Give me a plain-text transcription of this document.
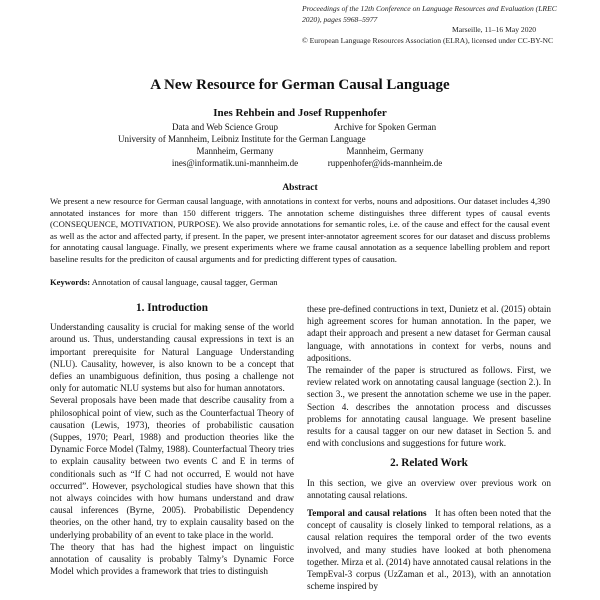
Proceedings of the 12th Conference on Language Resources and Evaluation (LREC 2020), pages 5968–5977
Marseille, 11–16 May 2020
© European Language Resources Association (ELRA), licensed under CC-BY-NC
A New Resource for German Causal Language
Ines Rehbein and Josef Ruppenhofer
Data and Web Science Group
University of Mannheim, Leibniz Institute for the German Language
Mannheim, Germany
ines@informatik.uni-mannheim.de
Archive for Spoken German
Mannheim, Germany
ruppenhofer@ids-mannheim.de
Abstract
We present a new resource for German causal language, with annotations in context for verbs, nouns and adpositions. Our dataset includes 4,390 annotated instances for more than 150 different triggers. The annotation scheme distinguishes three different types of causal events (CONSEQUENCE, MOTIVATION, PURPOSE). We also provide annotations for semantic roles, i.e. of the cause and effect for the causal event as well as the actor and affected party, if present. In the paper, we present inter-annotator agreement scores for our dataset and discuss problems for annotating causal language. Finally, we present experiments where we frame causal annotation as a sequence labelling problem and report baseline results for the prediciton of causal arguments and for predicting different types of causation.
Keywords: Annotation of causal language, causal tagger, German
1. Introduction

Understanding causality is crucial for making sense of the world around us. Thus, understanding causal expressions in text is an important prerequisite for Natural Language Understanding (NLU). Causality, however, is also known to be a concept that defies an unambiguous definition, thus posing a challenge not only for automatic NLU systems but also for human annotators.

Several proposals have been made that describe causality from a philosophical point of view, such as the Counterfactual Theory of causation (Lewis, 1973), theories of probabilistic causation (Suppes, 1970; Pearl, 1988) and production theories like the Dynamic Force Model (Talmy, 1988). Counterfactual Theory tries to explain causality between two events C and E in terms of conditionals such as “If C had not occurred, E would not have occurred”. However, psychological studies have shown that this not always coincides with how humans understand and draw causal inferences (Byrne, 2005). Probabilistic Dependency theories, on the other hand, try to explain causality based on the underlying probability of an event to take place in the world.

The theory that has had the highest impact on linguistic annotation of causality is probably Talmy’s Dynamic Force Model which provides a framework that tries to distinguish

these pre-defined contructions in text, Dunietz et al. (2015) obtain high agreement scores for human annotation. In the paper, we adapt their approach and present a new dataset for German causal language, with annotations in context for verbs, nouns and adpositions.

The remainder of the paper is structured as follows. First, we review related work on annotating causal language (section 2.). In section 3., we present the annotation scheme we use in the paper. Section 4. describes the annotation process and discusses problems for annotating causal language. We present baseline results for a causal tagger on our new dataset in Section 5. and end with conclusions and suggestions for future work.

2. Related Work

In this section, we give an overview over previous work on annotating causal relations.

Temporal and causal relations It has often been noted that the concept of causality is closely linked to temporal relations, as a causal relation requires the temporal order of the two events involved, and many studies have looked at both phenomena together. Mirza et al. (2014) have annotated causal relations in the TempEval-3 corpus (UzZaman et al., 2013), with an annotation scheme inspired by
